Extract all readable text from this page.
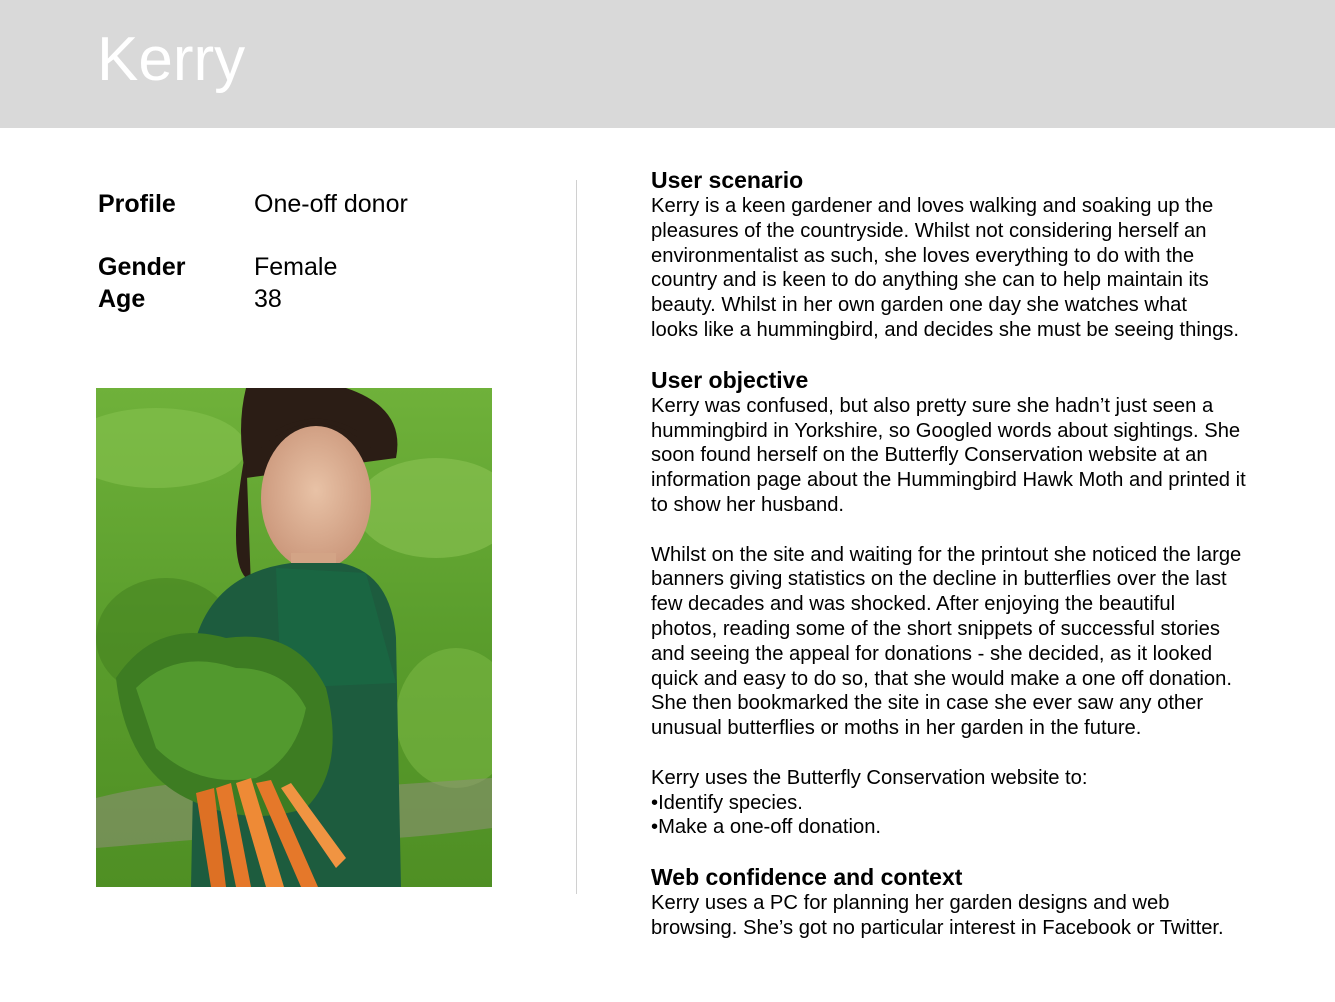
Kerry
Profile	One-off donor
Gender	Female
Age	38
User scenario

Kerry is a keen gardener and loves walking and soaking up the
pleasures of the countryside. Whilst not considering herself an
environmentalist as such, she loves everything to do with the
country and is keen to do anything she can to help maintain its
beauty. Whilst in her own garden one day she watches what
looks like a hummingbird, and decides she must be seeing things.

User objective

Kerry was confused, but also pretty sure she hadn’t just seen a
hummingbird in Yorkshire, so Googled words about sightings. She
soon found herself on the Butterfly Conservation website at an
information page about the Hummingbird Hawk Moth and printed it
to show her husband.

Whilst on the site and waiting for the printout she noticed the large
banners giving statistics on the decline in butterflies over the last
few decades and was shocked. After enjoying the beautiful
photos, reading some of the short snippets of successful stories
and seeing the appeal for donations - she decided, as it looked
quick and easy to do so, that she would make a one off donation.
She then bookmarked the site in case she ever saw any other
unusual butterflies or moths in her garden in the future.

Kerry uses the Butterfly Conservation website to:
•Identify species.
•Make a one-off donation.

Web confidence and context

Kerry uses a PC for planning her garden designs and web
browsing. She’s got no particular interest in Facebook or Twitter.
